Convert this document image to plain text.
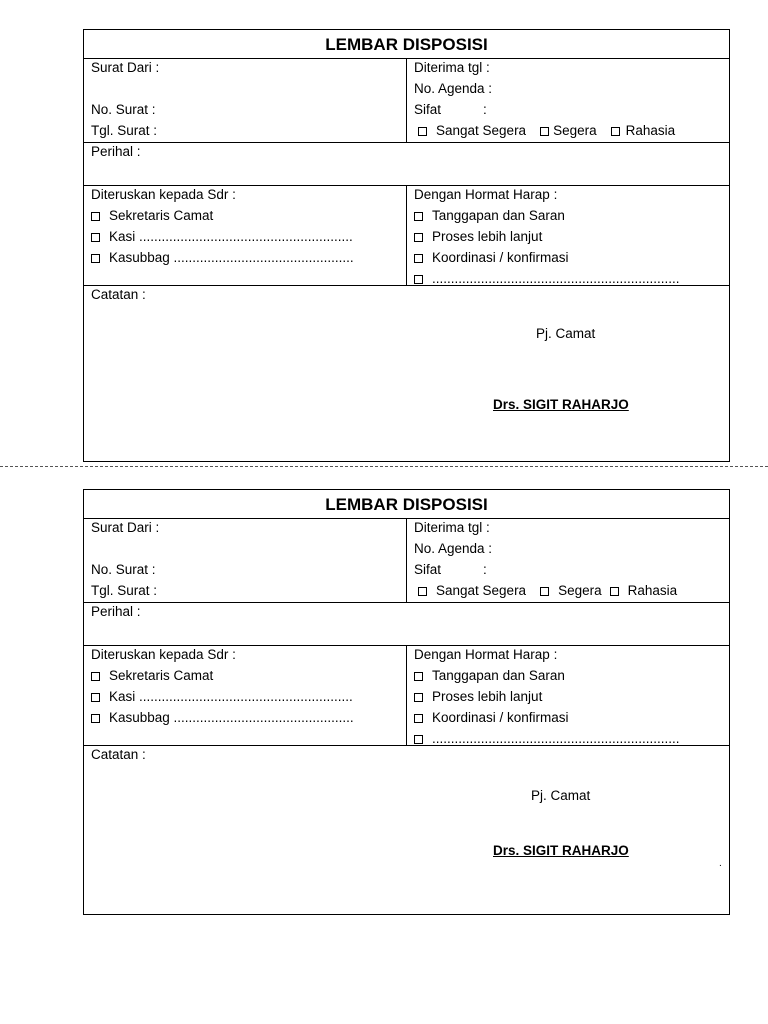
LEMBAR DISPOSISI
Surat Dari :
No. Surat :
Tgl. Surat :
Diterima tgl :
No. Agenda :
Sifat	:
Sangat Segera Segera Rahasia
Perihal :
Diteruskan kepada Sdr :
Sekretaris Camat
Kasi .........................................................
Kasubbag ................................................
Dengan Hormat Harap :
Tanggapan dan Saran
Proses lebih lanjut
Koordinasi / konfirmasi
..................................................................
Catatan :
Pj. Camat
Drs. SIGIT RAHARJO
LEMBAR DISPOSISI
Surat Dari :
No. Surat :
Tgl. Surat :
Diterima tgl :
No. Agenda :
Sifat	:
Sangat Segera Segera Rahasia
Perihal :
Diteruskan kepada Sdr :
Sekretaris Camat
Kasi .........................................................
Kasubbag ................................................
Dengan Hormat Harap :
Tanggapan dan Saran
Proses lebih lanjut
Koordinasi / konfirmasi
..................................................................
Catatan :
Pj. Camat
Drs. SIGIT RAHARJO
.
